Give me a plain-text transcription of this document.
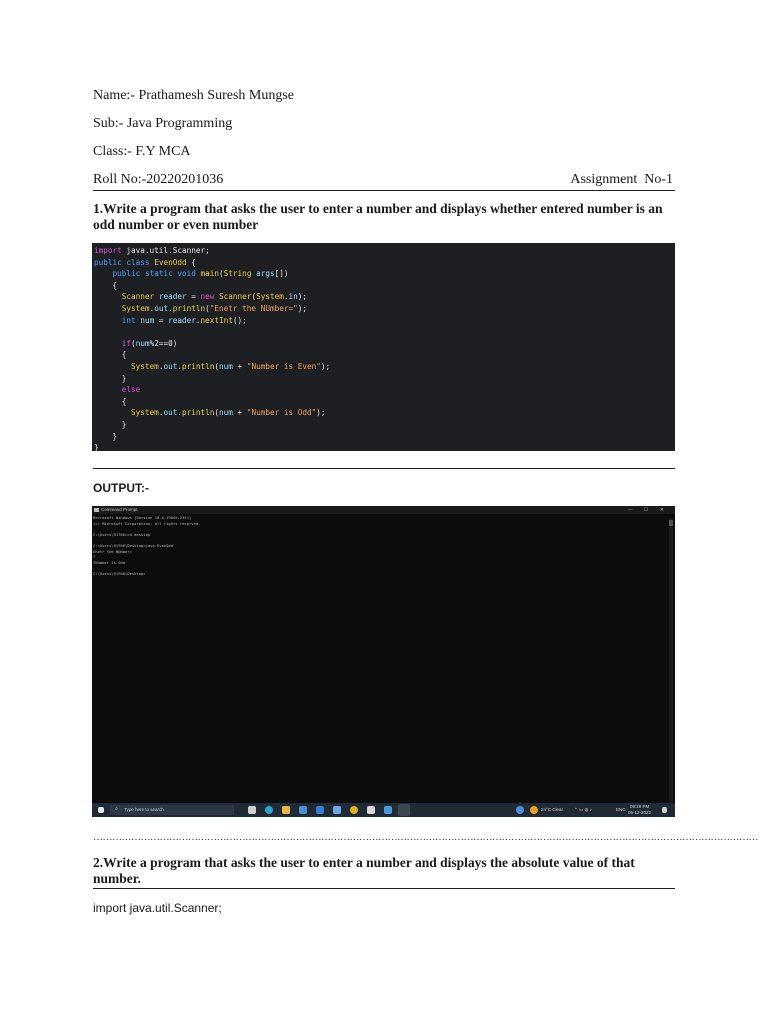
Name:- Prathamesh Suresh Mungse
Sub:- Java Programming
Class:- F.Y MCA
Roll No:-20220201036	Assignment  No-1
1.Write a program that asks the user to enter a number and displays whether entered number is an odd number or even number
import java.util.Scanner;
public class EvenOdd {
public static void main(String args[])
{
Scanner reader = new Scanner(System.in);
System.out.println("Enetr the NUmber=");
int num = reader.nextInt();

if(num%2==0)
{
System.out.println(num + "Number is Even");
}
else
{
System.out.println(num + "Number is Odd");
}
}
}
OUTPUT:-
Command Prompt	—	☐	✕
Microsoft Windows [Version 10.0.19045.2311]
(c) Microsoft Corporation. All rights reserved.

C:\Users\91766>cd desktop

C:\Users\91766\Desktop>java EvenOdd
Enetr the NUmber=
7
7Number is Odd

C:\Users\91766\Desktop>
Type here to search
⌕	24°C Clear ⌃ ▭ ◍ ♪	ENG
09:28 PM
05-12-2022
…………………………………………………………………………………………………………………………………………………………………………………………
2.Write a program that asks the user to enter a number and displays the absolute value of that number.
import java.util.Scanner;
